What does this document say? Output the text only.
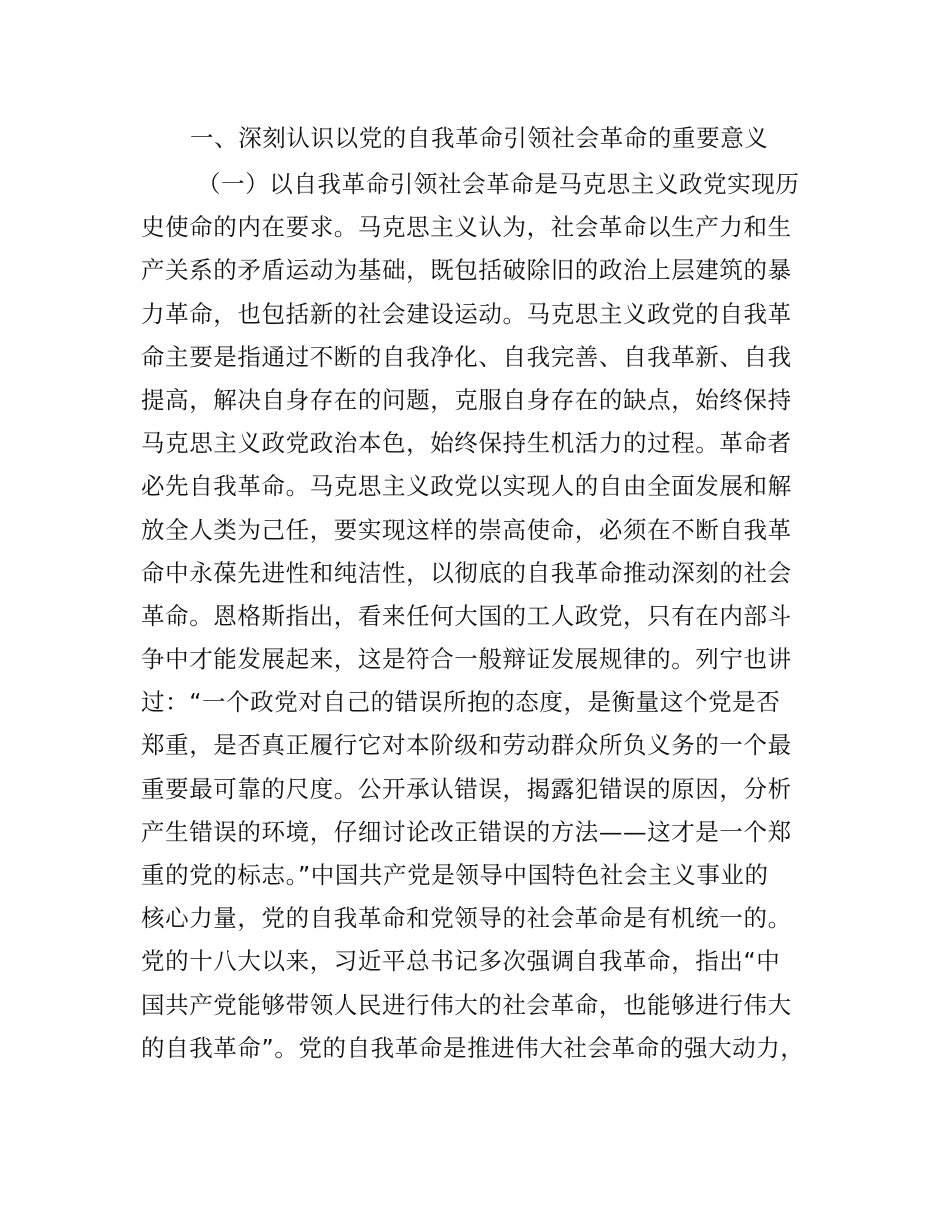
一、深刻认识以党的自我革命引领社会革命的重要意义
（一）以自我革命引领社会革命是马克思主义政党实现历
史使命的内在要求。马克思主义认为，社会革命以生产力和生
产关系的矛盾运动为基础，既包括破除旧的政治上层建筑的暴
力革命，也包括新的社会建设运动。马克思主义政党的自我革
命主要是指通过不断的自我净化、自我完善、自我革新、自我
提高，解决自身存在的问题，克服自身存在的缺点，始终保持
马克思主义政党政治本色，始终保持生机活力的过程。革命者
必先自我革命。马克思主义政党以实现人的自由全面发展和解
放全人类为己任，要实现这样的崇高使命，必须在不断自我革
命中永葆先进性和纯洁性，以彻底的自我革命推动深刻的社会
革命。恩格斯指出，看来任何大国的工人政党，只有在内部斗
争中才能发展起来，这是符合一般辩证发展规律的。列宁也讲
过：“一个政党对自己的错误所抱的态度，是衡量这个党是否
郑重，是否真正履行它对本阶级和劳动群众所负义务的一个最
重要最可靠的尺度。公开承认错误，揭露犯错误的原因，分析
产生错误的环境，仔细讨论改正错误的方法——这才是一个郑
重的党的标志。”中国共产党是领导中国特色社会主义事业的
核心力量，党的自我革命和党领导的社会革命是有机统一的。
党的十八大以来，习近平总书记多次强调自我革命，指出“中
国共产党能够带领人民进行伟大的社会革命，也能够进行伟大
的自我革命”。党的自我革命是推进伟大社会革命的强大动力，
